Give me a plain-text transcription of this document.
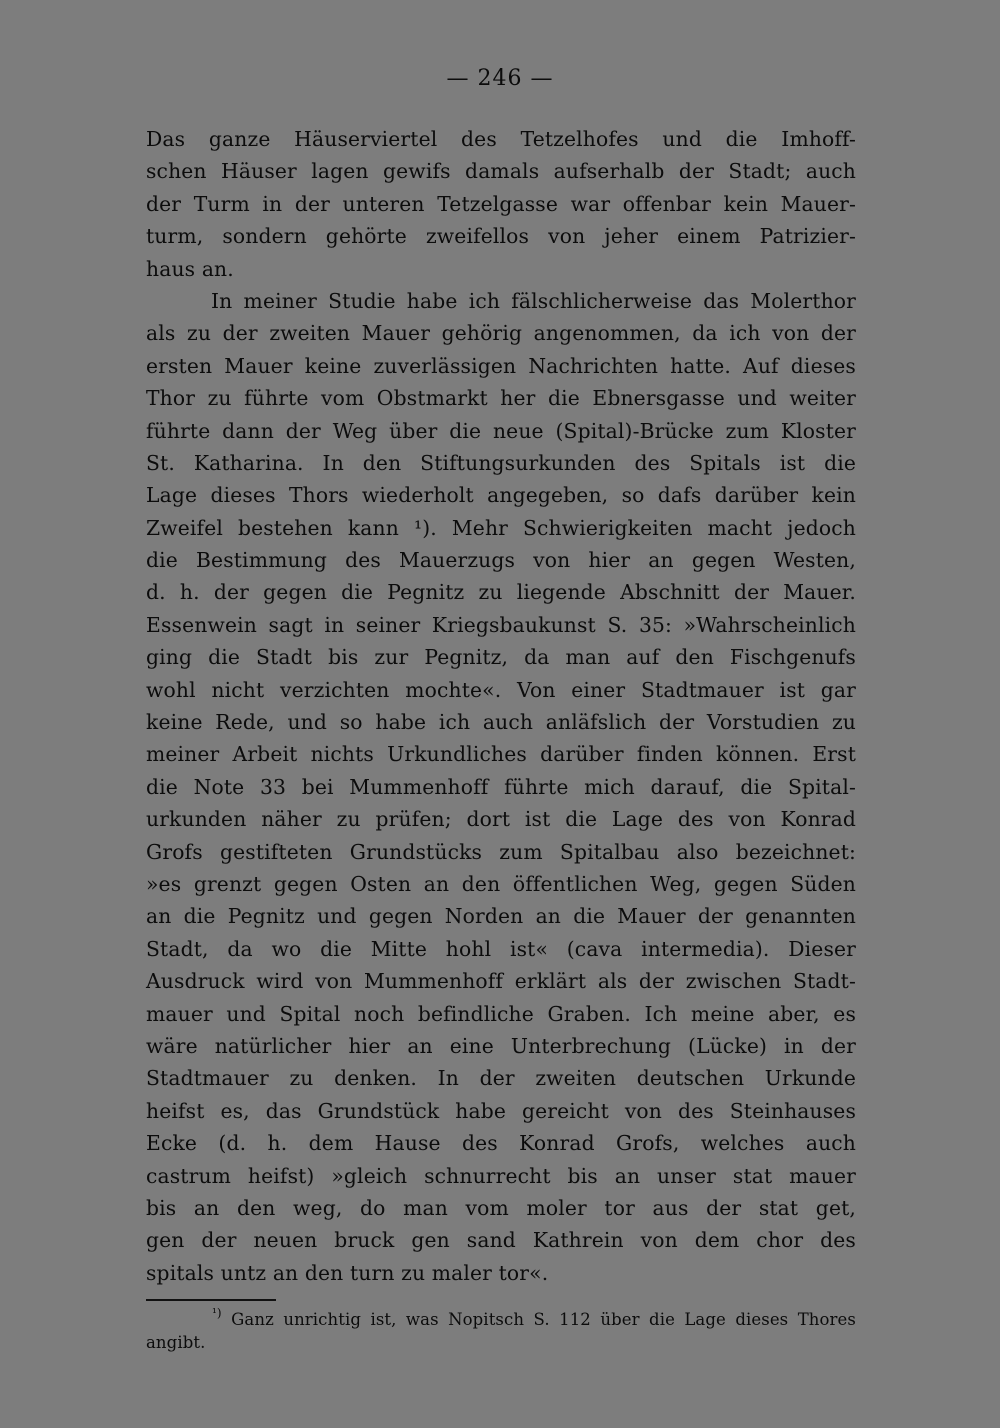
— 246 —
Das ganze Häuserviertel des Tetzelhofes und die Imhoff-
schen Häuser lagen gewifs damals aufserhalb der Stadt; auch
der Turm in der unteren Tetzelgasse war offenbar kein Mauer-
turm, sondern gehörte zweifellos von jeher einem Patrizier-
haus an.
In meiner Studie habe ich fälschlicherweise das Molerthor
als zu der zweiten Mauer gehörig angenommen, da ich von der
ersten Mauer keine zuverlässigen Nachrichten hatte. Auf dieses
Thor zu führte vom Obstmarkt her die Ebnersgasse und weiter
führte dann der Weg über die neue (Spital)-Brücke zum Kloster
St. Katharina. In den Stiftungsurkunden des Spitals ist die
Lage dieses Thors wiederholt angegeben, so dafs darüber kein
Zweifel bestehen kann ¹). Mehr Schwierigkeiten macht jedoch
die Bestimmung des Mauerzugs von hier an gegen Westen,
d. h. der gegen die Pegnitz zu liegende Abschnitt der Mauer.
Essenwein sagt in seiner Kriegsbaukunst S. 35: »Wahrscheinlich
ging die Stadt bis zur Pegnitz, da man auf den Fischgenufs
wohl nicht verzichten mochte«. Von einer Stadtmauer ist gar
keine Rede, und so habe ich auch anläfslich der Vorstudien zu
meiner Arbeit nichts Urkundliches darüber finden können. Erst
die Note 33 bei Mummenhoff führte mich darauf, die Spital-
urkunden näher zu prüfen; dort ist die Lage des von Konrad
Grofs gestifteten Grundstücks zum Spitalbau also bezeichnet:
»es grenzt gegen Osten an den öffentlichen Weg, gegen Süden
an die Pegnitz und gegen Norden an die Mauer der genannten
Stadt, da wo die Mitte hohl ist« (cava intermedia). Dieser
Ausdruck wird von Mummenhoff erklärt als der zwischen Stadt-
mauer und Spital noch befindliche Graben. Ich meine aber, es
wäre natürlicher hier an eine Unterbrechung (Lücke) in der
Stadtmauer zu denken. In der zweiten deutschen Urkunde
heifst es, das Grundstück habe gereicht von des Steinhauses
Ecke (d. h. dem Hause des Konrad Grofs, welches auch
castrum heifst) »gleich schnurrecht bis an unser stat mauer
bis an den weg, do man vom moler tor aus der stat get,
gen der neuen bruck gen sand Kathrein von dem chor des
spitals untz an den turn zu maler tor«.
$^{^1)}$ Ganz unrichtig ist, was Nopitsch S. 112 über die Lage dieses Thores
angibt.
